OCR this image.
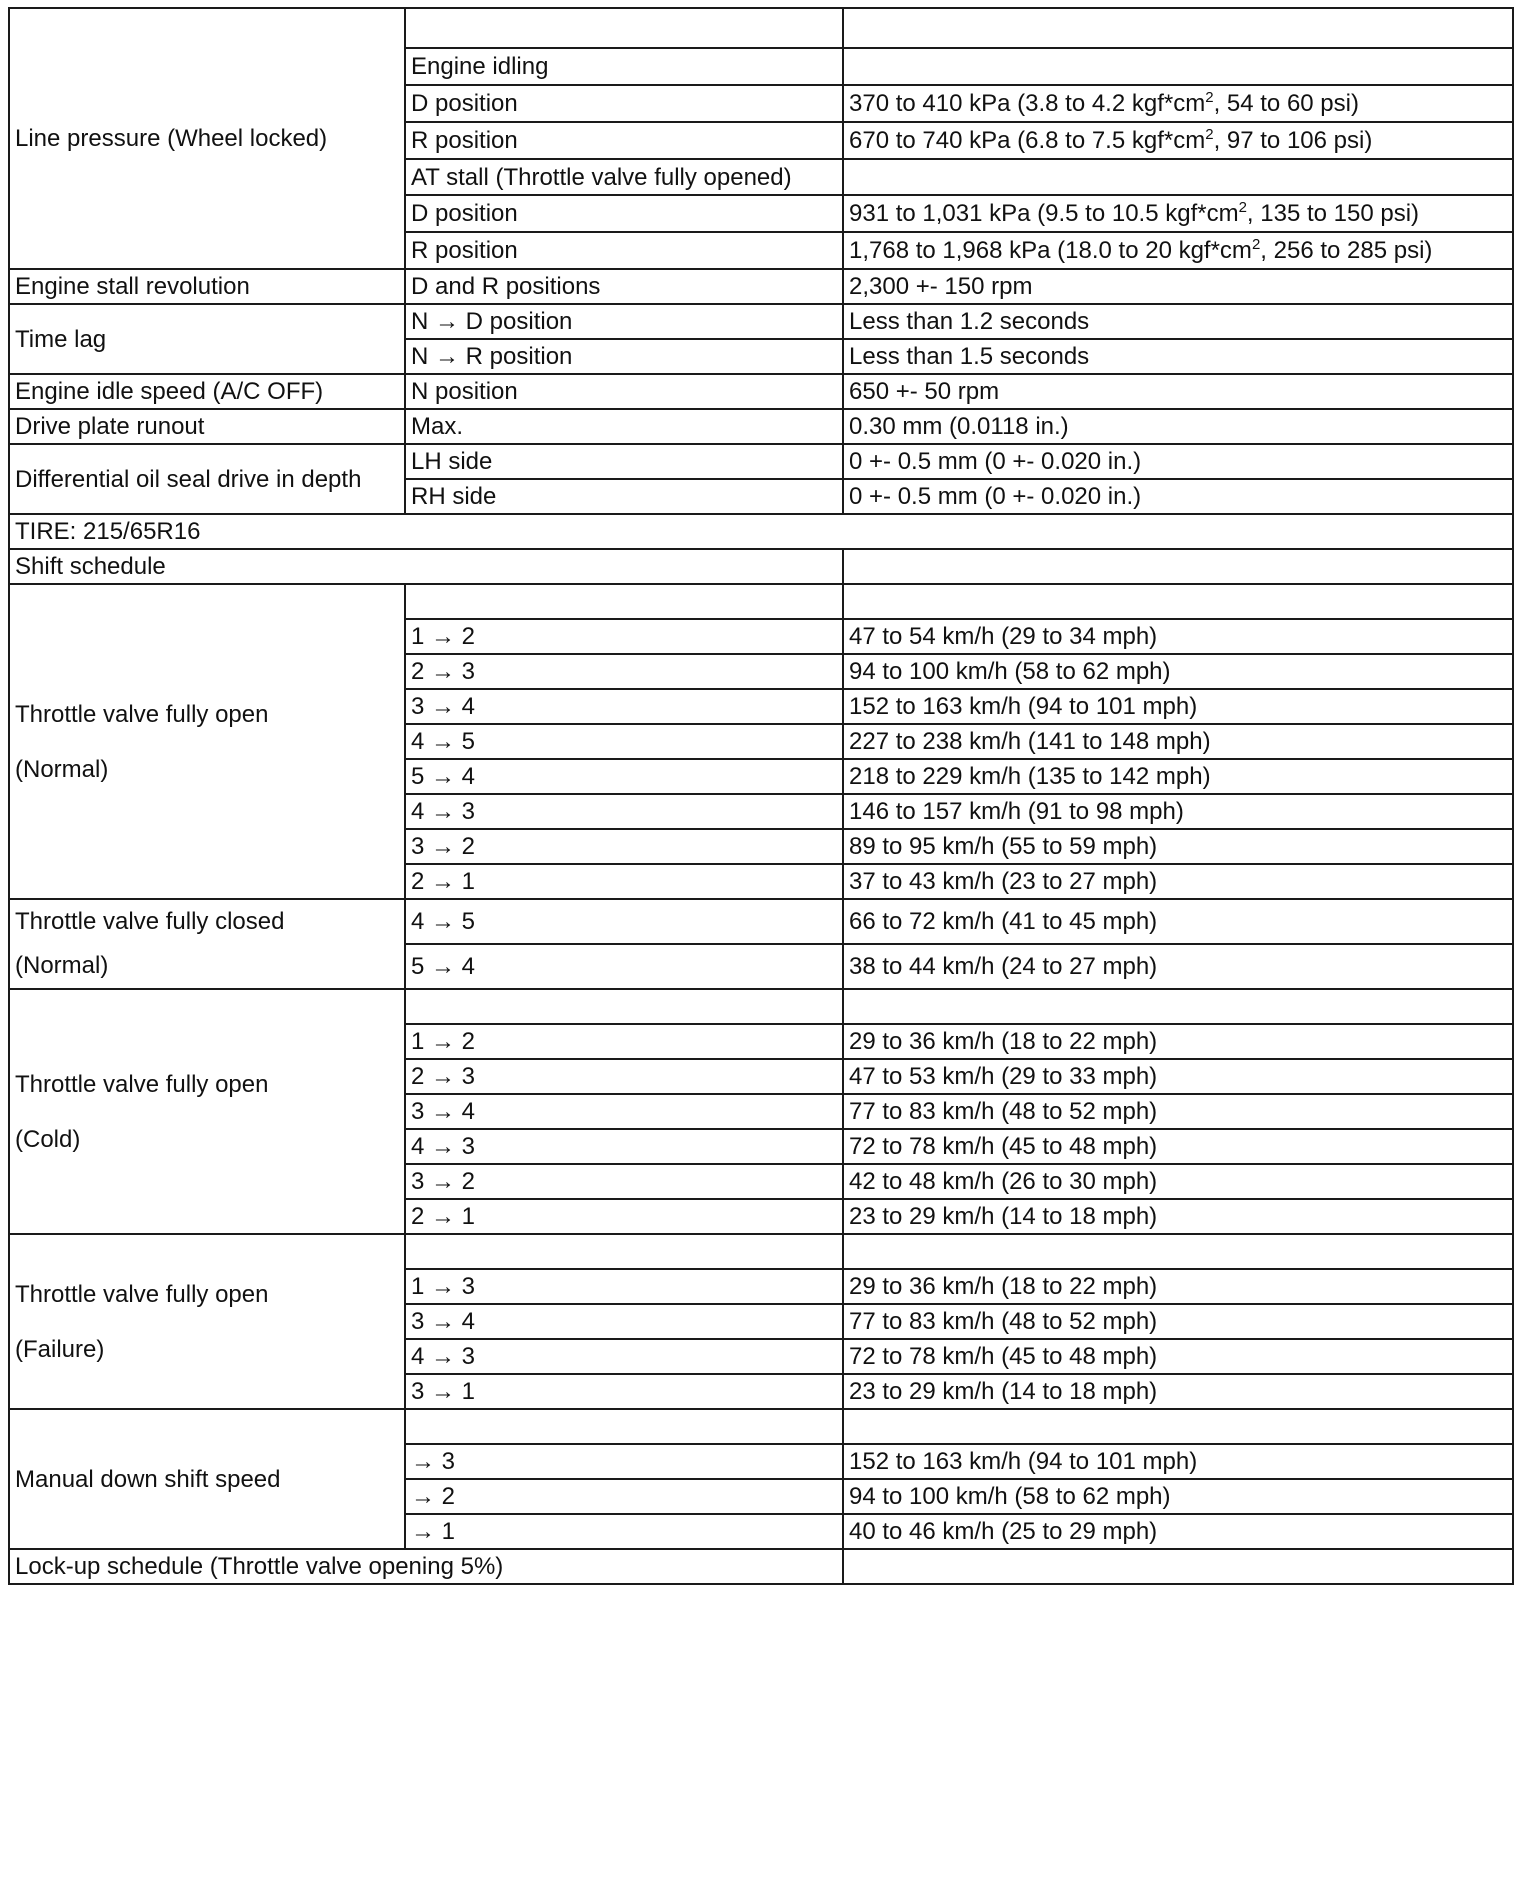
Line pressure (Wheel locked)		
	Engine idling	
	D position	370 to 410 kPa (3.8 to 4.2 $kgf*cm^2$, 54 to 60 psi)
	R position	670 to 740 kPa (6.8 to 7.5 $kgf*cm^2$, 97 to 106 psi)
	AT stall (Throttle valve fully opened)	
	D position	931 to 1,031 kPa (9.5 to 10.5 $kgf*cm^2$, 135 to 150 psi)
	R position	1,768 to 1,968 kPa (18.0 to 20 $kgf*cm^2$, 256 to 285 psi)
Engine stall revolution	D and R positions	2,300 +- 150 rpm
Time lag	N → D position	Less than 1.2 seconds
	N → R position	Less than 1.5 seconds
Engine idle speed (A/C OFF)	N position	650 +- 50 rpm
Drive plate runout	Max.	0.30 mm (0.0118 in.)
Differential oil seal drive in depth	LH side	0 +- 0.5 mm (0 +- 0.020 in.)
	RH side	0 +- 0.5 mm (0 +- 0.020 in.)
TIRE: 215/65R16		
Shift schedule		

Throttle valve fully open
(Normal)		

	1 → 2	47 to 54 km/h (29 to 34 mph)
	2 → 3	94 to 100 km/h (58 to 62 mph)
	3 → 4	152 to 163 km/h (94 to 101 mph)
	4 → 5	227 to 238 km/h (141 to 148 mph)
	5 → 4	218 to 229 km/h (135 to 142 mph)
	4 → 3	146 to 157 km/h (91 to 98 mph)
	3 → 2	89 to 95 km/h (55 to 59 mph)
	2 → 1	37 to 43 km/h (23 to 27 mph)

Throttle valve fully closed
(Normal)	4 → 5	66 to 72 km/h (41 to 45 mph)
	5 → 4	38 to 44 km/h (24 to 27 mph)

Throttle valve fully open
(Cold)		

	1 → 2	29 to 36 km/h (18 to 22 mph)
	2 → 3	47 to 53 km/h (29 to 33 mph)
	3 → 4	77 to 83 km/h (48 to 52 mph)
	4 → 3	72 to 78 km/h (45 to 48 mph)
	3 → 2	42 to 48 km/h (26 to 30 mph)
	2 → 1	23 to 29 km/h (14 to 18 mph)

Throttle valve fully open
(Failure)		

	1 → 3	29 to 36 km/h (18 to 22 mph)
	3 → 4	77 to 83 km/h (48 to 52 mph)
	4 → 3	72 to 78 km/h (45 to 48 mph)
	3 → 1	23 to 29 km/h (14 to 18 mph)
Manual down shift speed		
	→ 3	152 to 163 km/h (94 to 101 mph)
	→ 2	94 to 100 km/h (58 to 62 mph)
	→ 1	40 to 46 km/h (25 to 29 mph)
Lock-up schedule (Throttle valve opening 5%)		
